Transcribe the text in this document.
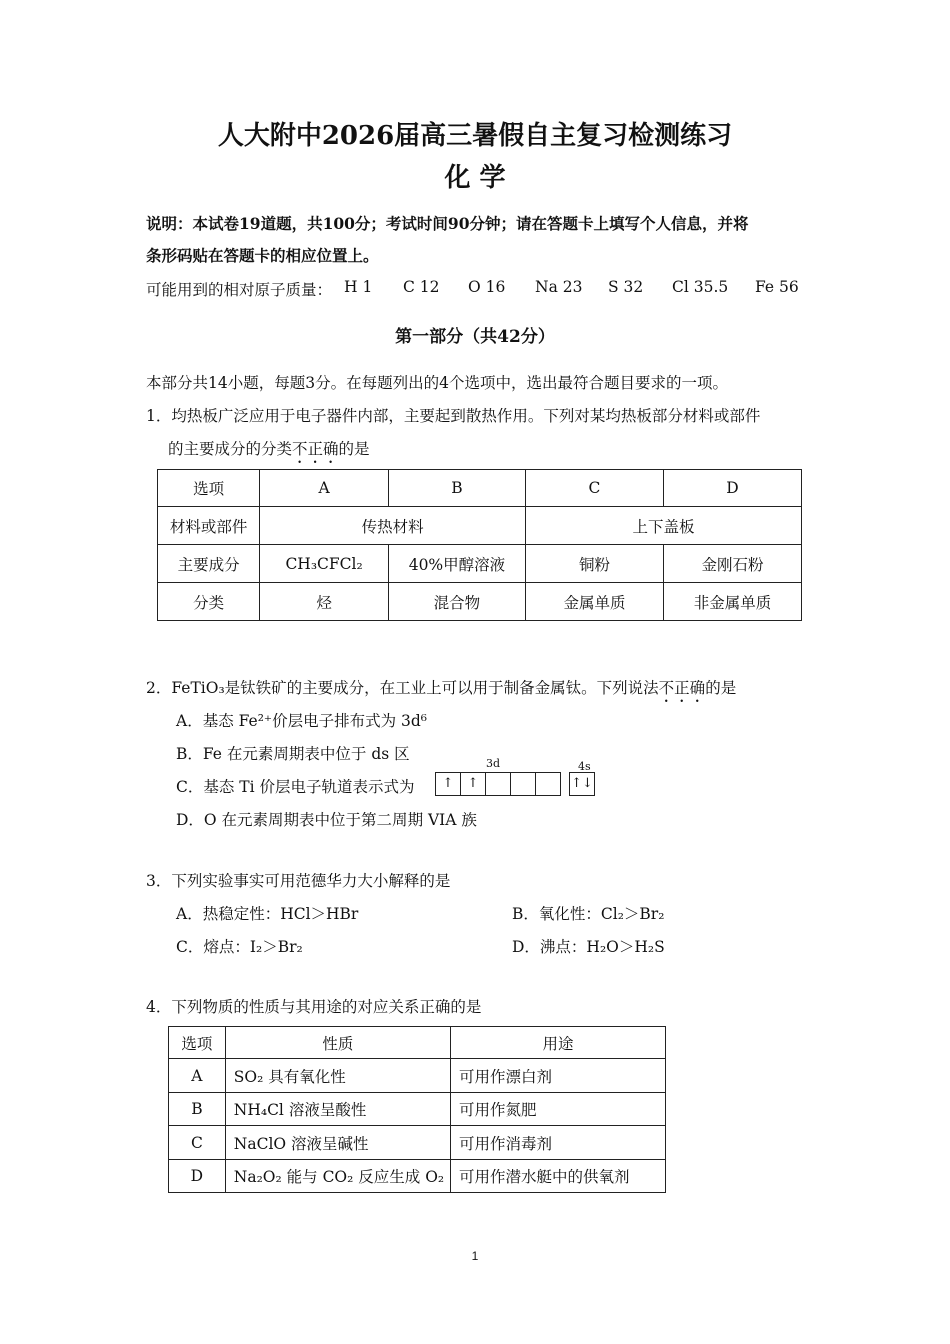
人大附中2026届高三暑假自主复习检测练习
化 学
说明：本试卷19道题，共100分；考试时间90分钟；请在答题卡上填写个人信息，并将
条形码贴在答题卡的相应位置上。
可能用到的相对原子质量： H 1 C 12 O 16 Na 23 S 32 Cl 35.5 Fe 56
第一部分（共42分）
本部分共14小题，每题3分。在每题列出的4个选项中，选出最符合题目要求的一项。
1．均热板广泛应用于电子器件内部，主要起到散热作用。下列对某均热板部分材料或部件
的主要成分的分类不正确的是
选项	A	B	C	D
材料或部件	传热材料		上下盖板	
主要成分	CH₃CFCl₂	40%甲醇溶液	铜粉	金刚石粉
分类	烃	混合物	金属单质	非金属单质
2．FeTiO₃是钛铁矿的主要成分，在工业上可以用于制备金属钛。下列说法不正确的是
A．基态 Fe²⁺价层电子排布式为 3d⁶
B．Fe 在元素周期表中位于 ds 区
C．基态 Ti 价层电子轨道表示式为
3d	4s
↑	↑	↑↓
D．O 在元素周期表中位于第二周期 VIA 族
3．下列实验事实可用范德华力大小解释的是
A．热稳定性：HCl＞HBr	B．氧化性：Cl₂＞Br₂
C．熔点：I₂＞Br₂	D．沸点：H₂O＞H₂S
4．下列物质的性质与其用途的对应关系正确的是
选项	性质	用途
A	SO₂ 具有氧化性	可用作漂白剂
B	NH₄Cl 溶液呈酸性	可用作氮肥
C	NaClO 溶液呈碱性	可用作消毒剂
D	Na₂O₂ 能与 CO₂ 反应生成 O₂	可用作潜水艇中的供氧剂
1
